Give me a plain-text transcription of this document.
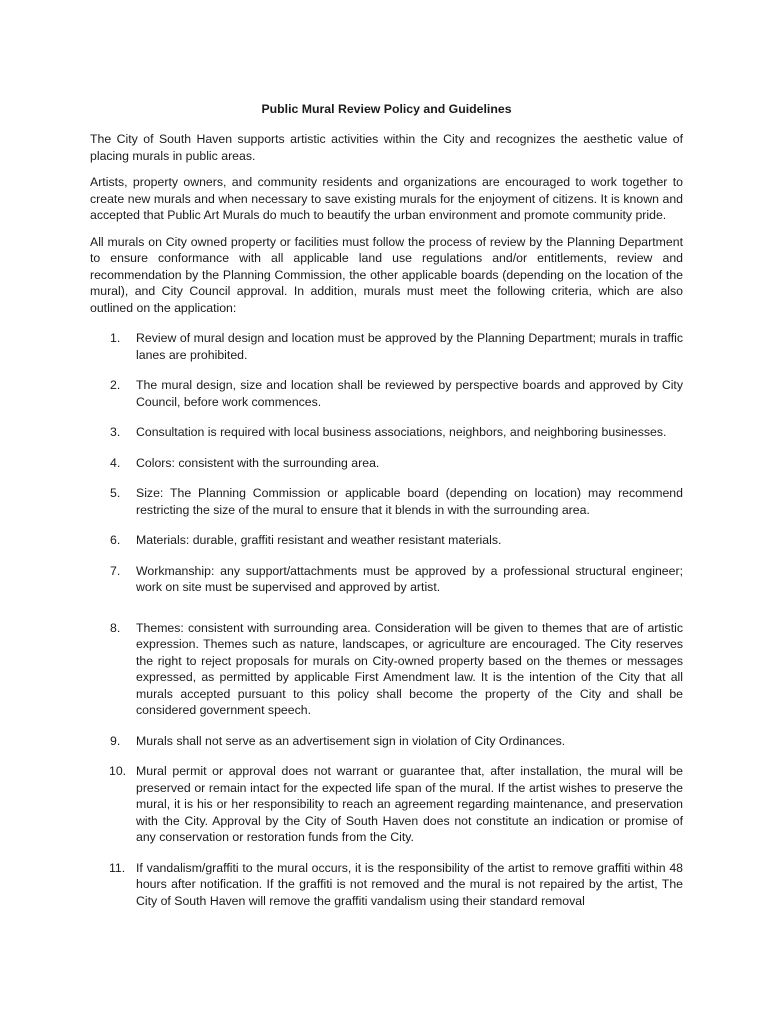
Public Mural Review Policy and Guidelines

The City of South Haven supports artistic activities within the City and recognizes the aesthetic value of placing murals in public areas.

Artists, property owners, and community residents and organizations are encouraged to work together to create new murals and when necessary to save existing murals for the enjoyment of citizens. It is known and accepted that Public Art Murals do much to beautify the urban environment and promote community pride.

All murals on City owned property or facilities must follow the process of review by the Planning Department to ensure conformance with all applicable land use regulations and/or entitlements, review and recommendation by the Planning Commission, the other applicable boards (depending on the location of the mural), and City Council approval. In addition, murals must meet the following criteria, which are also outlined on the application:

1.	Review of mural design and location must be approved by the Planning Department; murals in traffic lanes are prohibited.
2.	The mural design, size and location shall be reviewed by perspective boards and approved by City Council, before work commences.
3.	Consultation is required with local business associations, neighbors, and neighboring businesses.
4.	Colors: consistent with the surrounding area.
5.	Size: The Planning Commission or applicable board (depending on location) may recommend restricting the size of the mural to ensure that it blends in with the surrounding area.
6.	Materials: durable, graffiti resistant and weather resistant materials.
7.	Workmanship: any support/attachments must be approved by a professional structural engineer; work on site must be supervised and approved by artist.
8.	Themes: consistent with surrounding area. Consideration will be given to themes that are of artistic expression. Themes such as nature, landscapes, or agriculture are encouraged. The City reserves the right to reject proposals for murals on City-owned property based on the themes or messages expressed, as permitted by applicable First Amendment law. It is the intention of the City that all murals accepted pursuant to this policy shall become the property of the City and shall be considered government speech.
9.	Murals shall not serve as an advertisement sign in violation of City Ordinances.
10. Mural permit or approval does not warrant or guarantee that, after installation, the mural will be preserved or remain intact for the expected life span of the mural. If the artist wishes to preserve the mural, it is his or her responsibility to reach an agreement regarding maintenance, and preservation with the City. Approval by the City of South Haven does not constitute an indication or promise of any conservation or restoration funds from the City.
11. If vandalism/graffiti to the mural occurs, it is the responsibility of the artist to remove graffiti within 48 hours after notification. If the graffiti is not removed and the mural is not repaired by the artist, The City of South Haven will remove the graffiti vandalism using their standard removal
